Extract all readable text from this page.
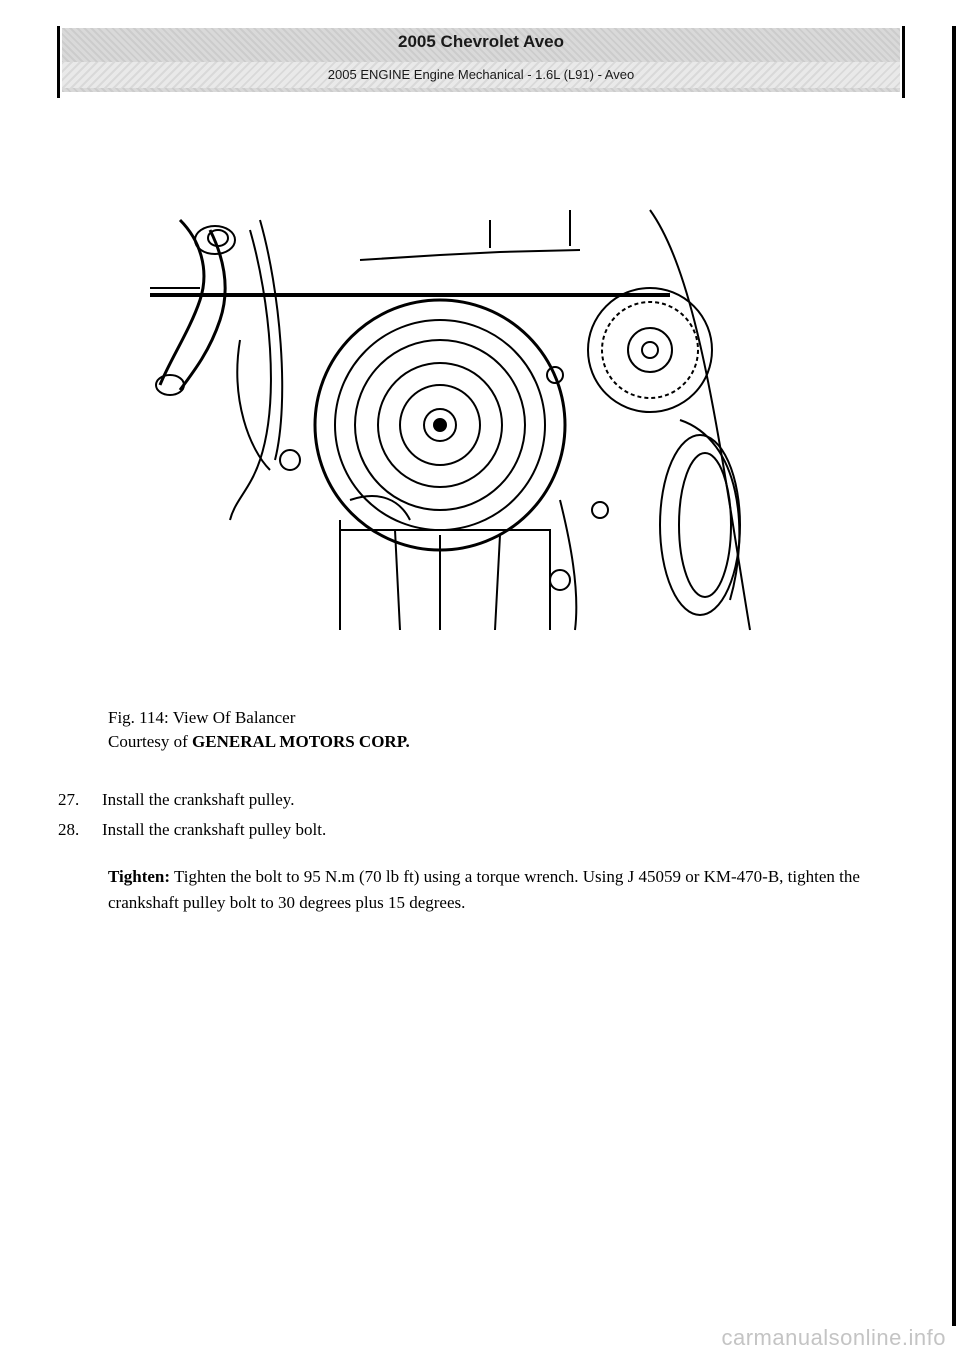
2005 Chevrolet Aveo
2005 ENGINE Engine Mechanical - 1.6L (L91) - Aveo
Fig. 114: View Of Balancer
Courtesy of GENERAL MOTORS CORP.
27.	Install the crankshaft pulley.
28.	Install the crankshaft pulley bolt.
Tighten: Tighten the bolt to 95 N.m (70 lb ft) using a torque wrench. Using J 45059 or KM-470-B, tighten the crankshaft pulley bolt to 30 degrees plus 15 degrees.
carmanualsonline.info
